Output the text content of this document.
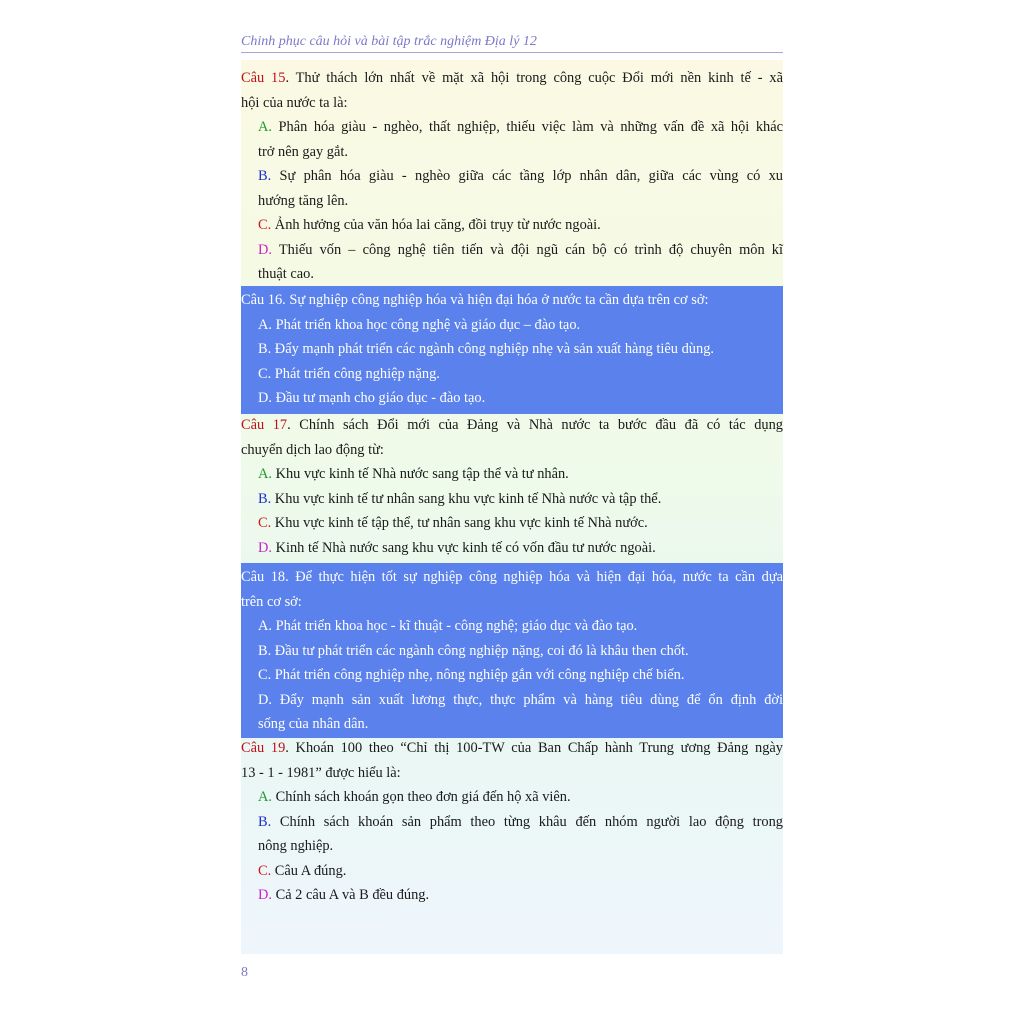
Chinh phục câu hỏi và bài tập trắc nghiệm Địa lý 12
Câu 15. Thử thách lớn nhất về mặt xã hội trong công cuộc Đổi mới nền kinh tế - xã
hội của nước ta là:
A. Phân hóa giàu - nghèo, thất nghiệp, thiếu việc làm và những vấn đề xã hội khác
trở nên gay gắt.
B. Sự phân hóa giàu - nghèo giữa các tầng lớp nhân dân, giữa các vùng có xu
hướng tăng lên.
C. Ảnh hưởng của văn hóa lai căng, đồi trụy từ nước ngoài.
D. Thiếu vốn – công nghệ tiên tiến và đội ngũ cán bộ có trình độ chuyên môn kĩ
thuật cao.
Câu 16. Sự nghiệp công nghiệp hóa và hiện đại hóa ở nước ta cần dựa trên cơ sở:
A. Phát triển khoa học công nghệ và giáo dục – đào tạo.
B. Đẩy mạnh phát triển các ngành công nghiệp nhẹ và sản xuất hàng tiêu dùng.
C. Phát triển công nghiệp nặng.
D. Đầu tư mạnh cho giáo dục - đào tạo.
Câu 17. Chính sách Đổi mới của Đảng và Nhà nước ta bước đầu đã có tác dụng
chuyển dịch lao động từ:
A. Khu vực kinh tế Nhà nước sang tập thể và tư nhân.
B. Khu vực kinh tế tư nhân sang khu vực kinh tế Nhà nước và tập thể.
C. Khu vực kinh tế tập thể, tư nhân sang khu vực kinh tế Nhà nước.
D. Kinh tế Nhà nước sang khu vực kinh tế có vốn đầu tư nước ngoài.
Câu 18. Để thực hiện tốt sự nghiệp công nghiệp hóa và hiện đại hóa, nước ta cần dựa
trên cơ sở:
A. Phát triển khoa học - kĩ thuật - công nghệ; giáo dục và đào tạo.
B. Đầu tư phát triển các ngành công nghiệp nặng, coi đó là khâu then chốt.
C. Phát triển công nghiệp nhẹ, nông nghiệp gắn với công nghiệp chế biến.
D. Đẩy mạnh sản xuất lương thực, thực phẩm và hàng tiêu dùng để ổn định đời
sống của nhân dân.
Câu 19. Khoán 100 theo “Chỉ thị 100-TW của Ban Chấp hành Trung ương Đảng ngày
13 - 1 - 1981” được hiểu là:
A. Chính sách khoán gọn theo đơn giá đến hộ xã viên.
B. Chính sách khoán sản phẩm theo từng khâu đến nhóm người lao động trong
nông nghiệp.
C. Câu A đúng.
D. Cả 2 câu A và B đều đúng.
8
